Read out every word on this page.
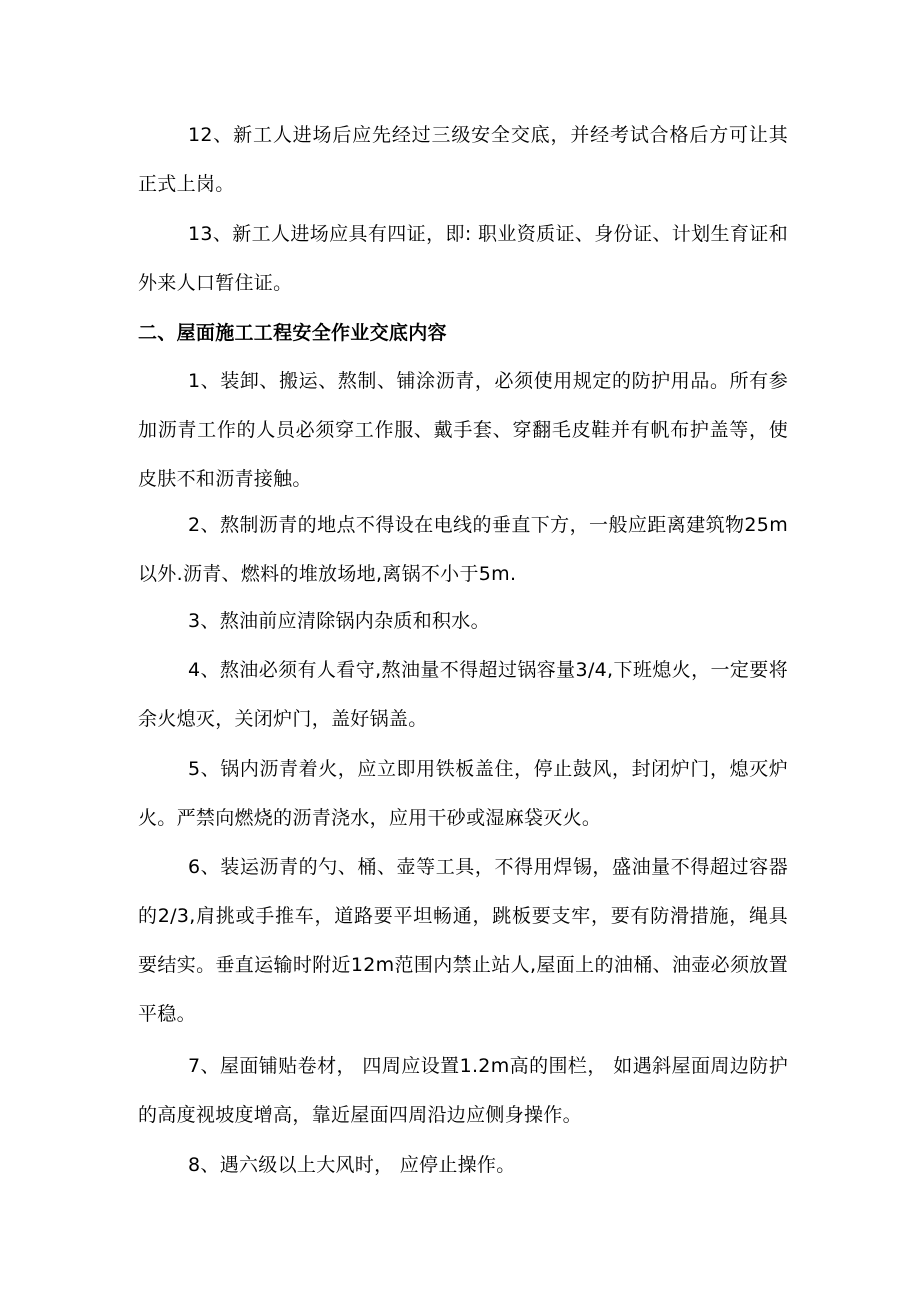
12、新工人进场后应先经过三级安全交底，并经考试合格后方可让其正式上岗。

13、新工人进场应具有四证，即: 职业资质证、身份证、计划生育证和外来人口暂住证。

二、屋面施工工程安全作业交底内容

1、装卸、搬运、熬制、铺涂沥青，必须使用规定的防护用品。所有参加沥青工作的人员必须穿工作服、戴手套、穿翻毛皮鞋并有帆布护盖等，使皮肤不和沥青接触。

2、熬制沥青的地点不得设在电线的垂直下方，一般应距离建筑物25m以外.沥青、燃料的堆放场地,离锅不小于5m.

3、熬油前应清除锅内杂质和积水。

4、熬油必须有人看守,熬油量不得超过锅容量3/4,下班熄火，一定要将余火熄灭，关闭炉门，盖好锅盖。

5、锅内沥青着火，应立即用铁板盖住，停止鼓风，封闭炉门，熄灭炉火。严禁向燃烧的沥青浇水，应用干砂或湿麻袋灭火。

6、装运沥青的勺、桶、壶等工具，不得用焊锡，盛油量不得超过容器的2/3,肩挑或手推车，道路要平坦畅通，跳板要支牢，要有防滑措施，绳具要结实。垂直运输时附近12m范围内禁止站人,屋面上的油桶、油壶必须放置平稳。

7、屋面铺贴卷材， 四周应设置1.2m高的围栏， 如遇斜屋面周边防护的高度视坡度增高，靠近屋面四周沿边应侧身操作。

8、遇六级以上大风时， 应停止操作。
